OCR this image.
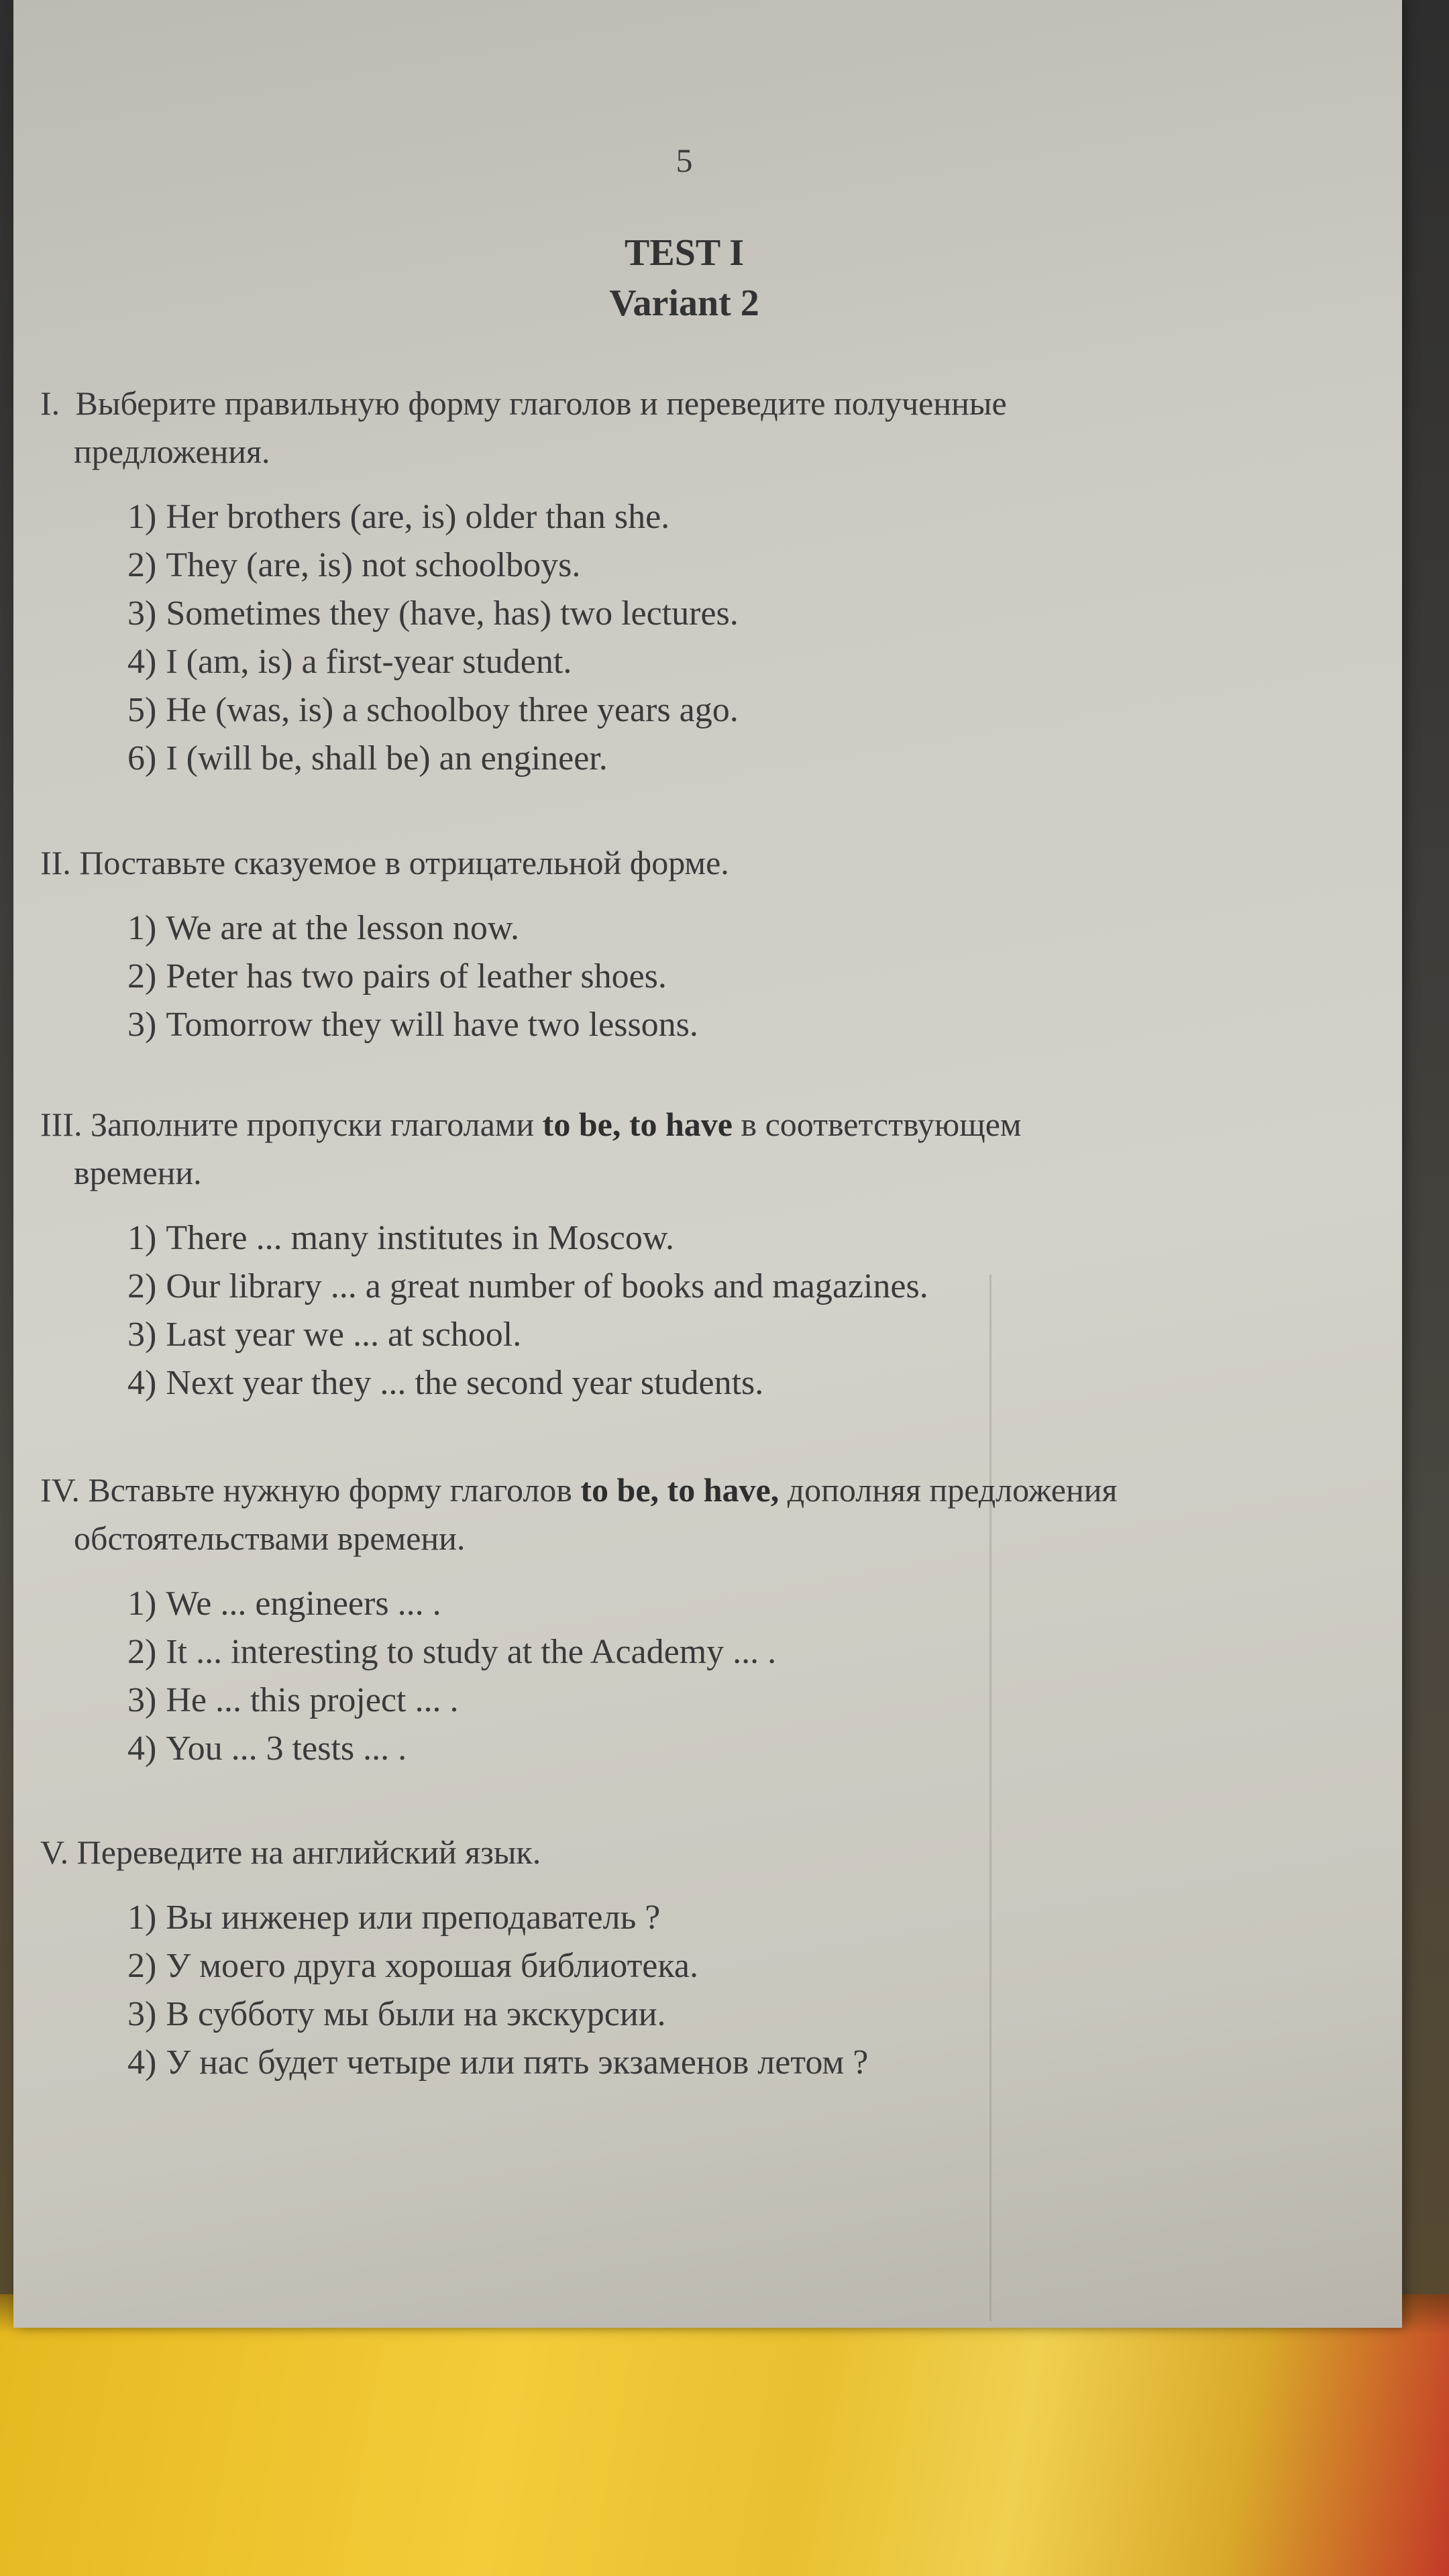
5
TEST I
Variant 2

I. Выберите правильную форму глаголов и переведите полученные
предложения.

1) Her brothers (are, is) older than she.
2) They (are, is) not schoolboys.
3) Sometimes they (have, has) two lectures.
4) I (am, is) a first-year student.
5) He (was, is) a schoolboy three years ago.
6) I (will be, shall be) an engineer.

II. Поставьте сказуемое в отрицательной форме.

1) We are at the lesson now.
2) Peter has two pairs of leather shoes.
3) Tomorrow they will have two lessons.

III. Заполните пропуски глаголами to be, to have в соответствующем
времени.

1) There ... many institutes in Moscow.
2) Our library ... a great number of books and magazines.
3) Last year we ... at school.
4) Next year they ... the second year students.

IV. Вставьте нужную форму глаголов to be, to have, дополняя предложения
обстоятельствами времени.

1) We ... engineers ... .
2) It ... interesting to study at the Academy ... .
3) He ... this project ... .
4) You ... 3 tests ... .

V. Переведите на английский язык.

1) Вы инженер или преподаватель ?
2) У моего друга хорошая библиотека.
3) В субботу мы были на экскурсии.
4) У нас будет четыре или пять экзаменов летом ?
